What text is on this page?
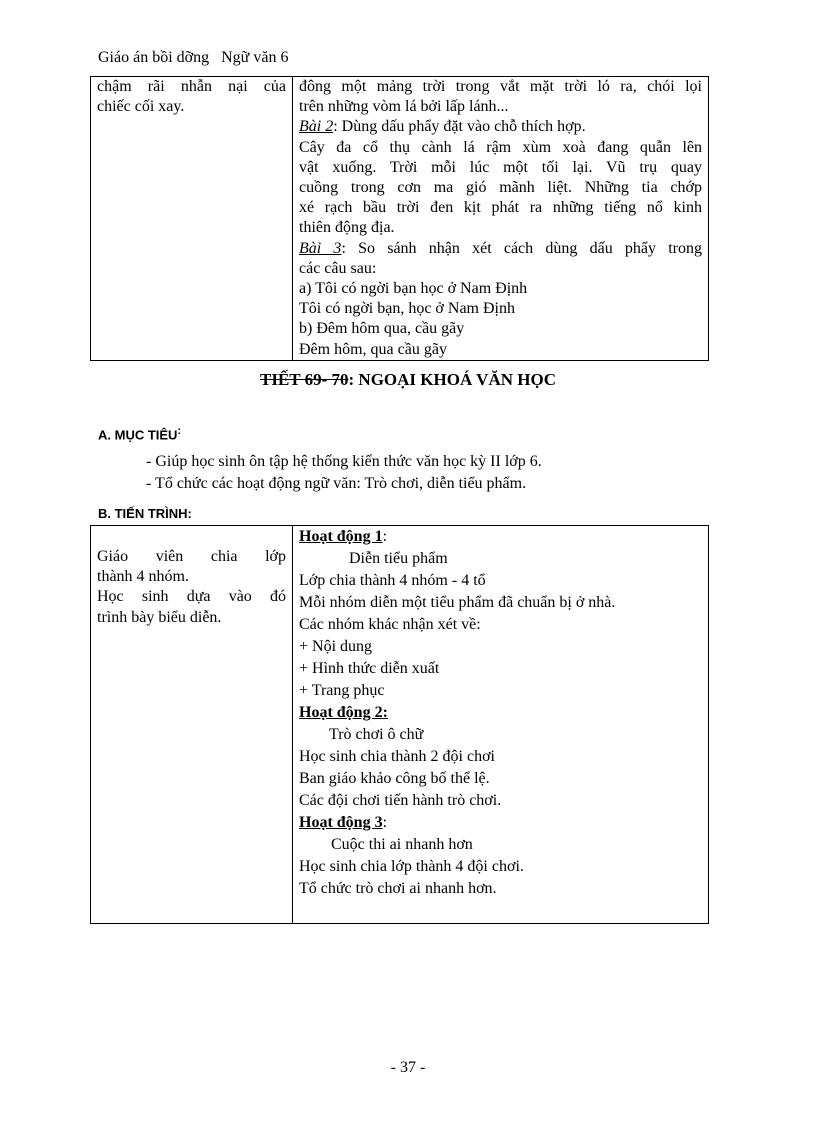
Giáo án bồi dỡng Ngữ văn 6
chậm rãi nhẫn nại của
chiếc cối xay.

đông một mảng trời trong vắt mặt trời ló ra, chói lọi
trên những vòm lá bởi lấp lánh...
Bài 2: Dùng dấu phẩy đặt vào chỗ thích hợp.
Cây đa cổ thụ cành lá rậm xùm xoà đang quẫn lên
vật xuống. Trời mỗi lúc một tối lại. Vũ trụ quay
cuồng trong cơn ma gió mãnh liệt. Những tia chớp
xé rạch bầu trời đen kịt phát ra những tiếng nổ kinh
thiên động địa.
Bài 3: So sánh nhận xét cách dùng dấu phẩy trong
các câu sau:
a) Tôi có ngời bạn học ở Nam Định
Tôi có ngời bạn, học ở Nam Định
b) Đêm hôm qua, cầu gãy
Đêm hôm, qua cầu gãy
TIẾT 69- 70: NGOẠI KHOÁ VĂN HỌC
A. MỤC TIÊU:
- Giúp học sinh ôn tập hệ thống kiến thức văn học kỳ II lớp 6.
- Tổ chức các hoạt động ngữ văn: Trò chơi, diễn tiểu phẩm.
B. TIẾN TRÌNH:
Giáo viên chia lớp
thành 4 nhóm.
Học sinh dựa vào đó
trình bày biểu diễn.

Hoạt động 1:
Diễn tiểu phẩm
Lớp chia thành 4 nhóm - 4 tổ
Mỗi nhóm diễn một tiểu phẩm đã chuẩn bị ở nhà.
Các nhóm khác nhận xét về:
+ Nội dung
+ Hình thức diễn xuất
+ Trang phục
Hoạt động 2:
Trò chơi ô chữ
Học sinh chia thành 2 đội chơi
Ban giáo khảo công bố thể lệ.
Các đội chơi tiến hành trò chơi.
Hoạt động 3:
Cuộc thi ai nhanh hơn
Học sinh chia lớp thành 4 đội chơi.
Tổ chức trò chơi ai nhanh hơn.
- 37 -
